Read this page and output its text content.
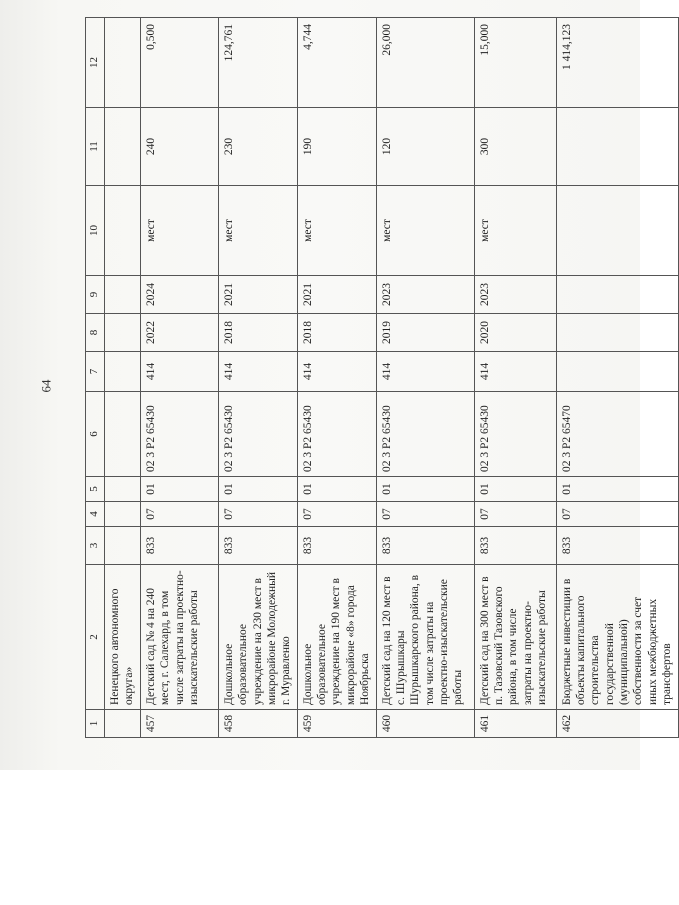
64
1	2	3	4	5	6	7	8	9	10	11	12
	Ненецкого автономного округа»										
457	Детский сад № 4 на 240 мест, г. Салехард, в том числе затраты на проектно-изыскательские работы	833	07	01	02 3 Р2 65430	414	2022	2024	мест	240	0,500
458	Дошкольное образовательное учреждение на 230 мест в микрорайоне Молодежный г. Муравленко	833	07	01	02 3 Р2 65430	414	2018	2021	мест	230	124,761
459	Дошкольное образовательное учреждение на 190 мест в микрорайоне «8» города Ноябрьска	833	07	01	02 3 Р2 65430	414	2018	2021	мест	190	4,744
460	Детский сад на 120 мест в с. Шурышкары Шурышкарского района, в том числе затраты на проектно-изыскательские работы	833	07	01	02 3 Р2 65430	414	2019	2023	мест	120	26,000
461	Детский сад на 300 мест в п. Тазовский Тазовского района, в том числе затраты на проектно-изыскательские работы	833	07	01	02 3 Р2 65430	414	2020	2023	мест	300	15,000
462	Бюджетные инвестиции в объекты капитального строительства государственной (муниципальной) собственности за счет иных межбюджетных трансфертов	833	07	01	02 3 Р2 65470						1 414,123
